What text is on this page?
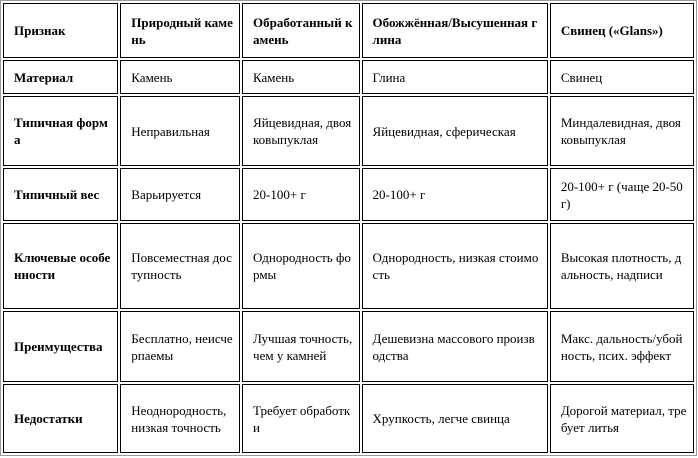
Признак	Природный камень	Обработанный камень	Обожжённая/Высушенная глина	Свинец («Glans»)
Материал	Камень	Камень	Глина	Свинец
Типичная форма	Неправильная	Яйцевидная, двояковыпуклая	Яйцевидная, сферическая	Миндалевидная, двояковыпуклая
Типичный вес	Варьируется	20-100+ г	20-100+ г	20-100+ г (чаще 20-50 г)
Ключевые особенности	Повсеместная доступность	Однородность формы	Однородность, низкая стоимость	Высокая плотность, дальность, надписи
Преимущества	Бесплатно, неисчерпаемы	Лучшая точность, чем у камней	Дешевизна массового производства	Макс. дальность/убойность, псих. эффект
Недостатки	Неоднородность, низкая точность	Требует обработки	Хрупкость, легче свинца	Дорогой материал, требует литья
